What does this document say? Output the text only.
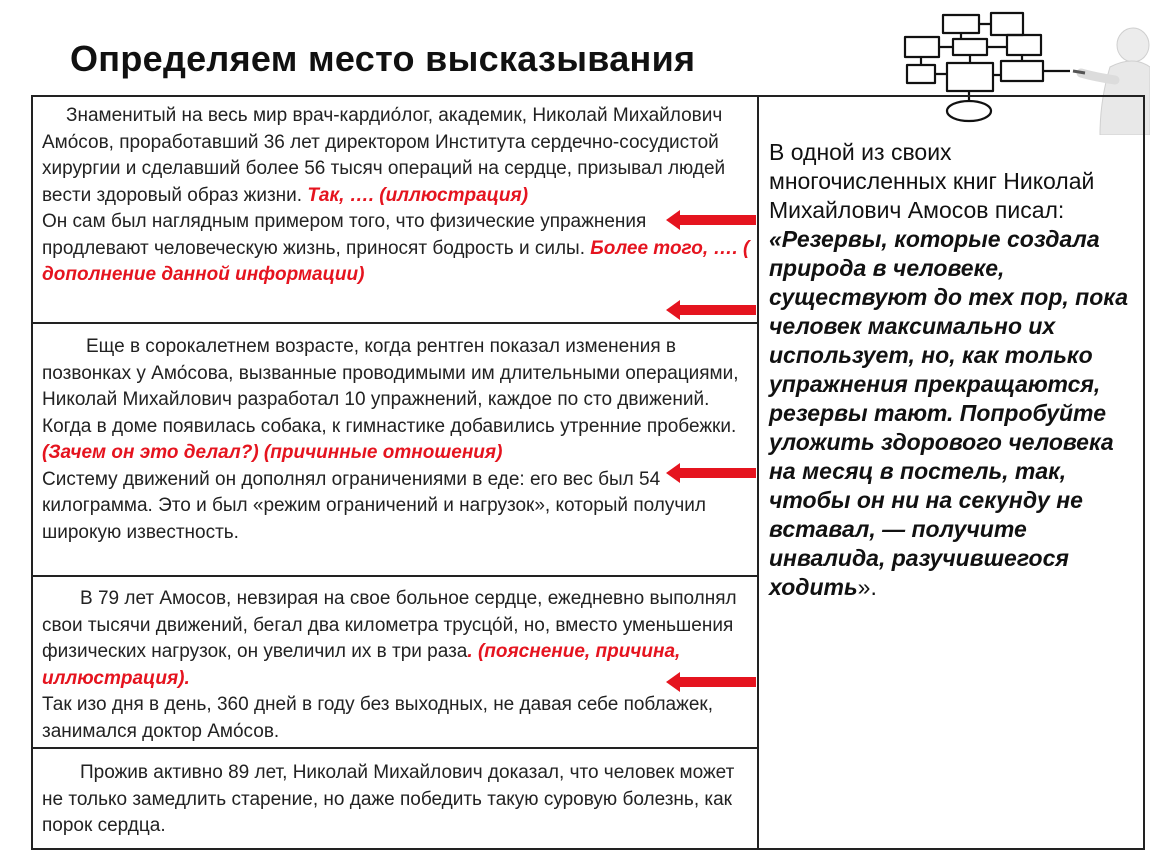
Определяем место высказывания
Знаменитый на весь мир врач-кардио́лог, академик, Николай Михайлович Амо́сов, проработавший 36 лет директором Института сердечно-сосудистой хирургии и сделавший более 56 тысяч операций на сердце, призывал людей вести здоровый образ жизни. Так, …. (иллюстрация)
Он сам был наглядным примером того, что физические упражнения продлевают человеческую жизнь, приносят бодрость и силы. Более того, …. ( дополнение данной информации)
Еще в сорокалетнем возрасте, когда рентген показал изменения в позвонках у Амо́сова, вызванные проводимыми им длительными операциями, Николай Михайлович разработал 10 упражнений, каждое по сто движений. Когда в доме появилась собака, к гимнастике добавились утренние пробежки. (Зачем он это делал?) (причинные отношения)
Систему движений он дополнял ограничениями в еде: его вес был 54 килограмма. Это и был «режим ограничений и нагрузок», который получил широкую известность.
В 79 лет Амосов, невзирая на свое больное сердце, ежедневно выполнял свои тысячи движений, бегал два километра трусцо́й, но, вместо уменьшения физических нагрузок, он увеличил их в три раза. (пояснение, причина, иллюстрация).
Так изо дня в день, 360 дней в году без выходных, не давая себе поблажек, занимался доктор Амо́сов.
Прожив активно 89 лет, Николай Михайлович доказал, что человек может не только замедлить старение, но даже победить такую суровую болезнь, как порок сердца.
В одной из своих многочисленных книг Николай Михайлович Амосов писал: «Резервы, которые создала природа в человеке, существуют до тех пор, пока человек максимально их использует, но, как только упражнения прекращаются, резервы тают. Попробуйте уложить здорового человека на месяц в постель, так, чтобы он ни на секунду не вставал, — получите инвалида, разучившегося ходить».
